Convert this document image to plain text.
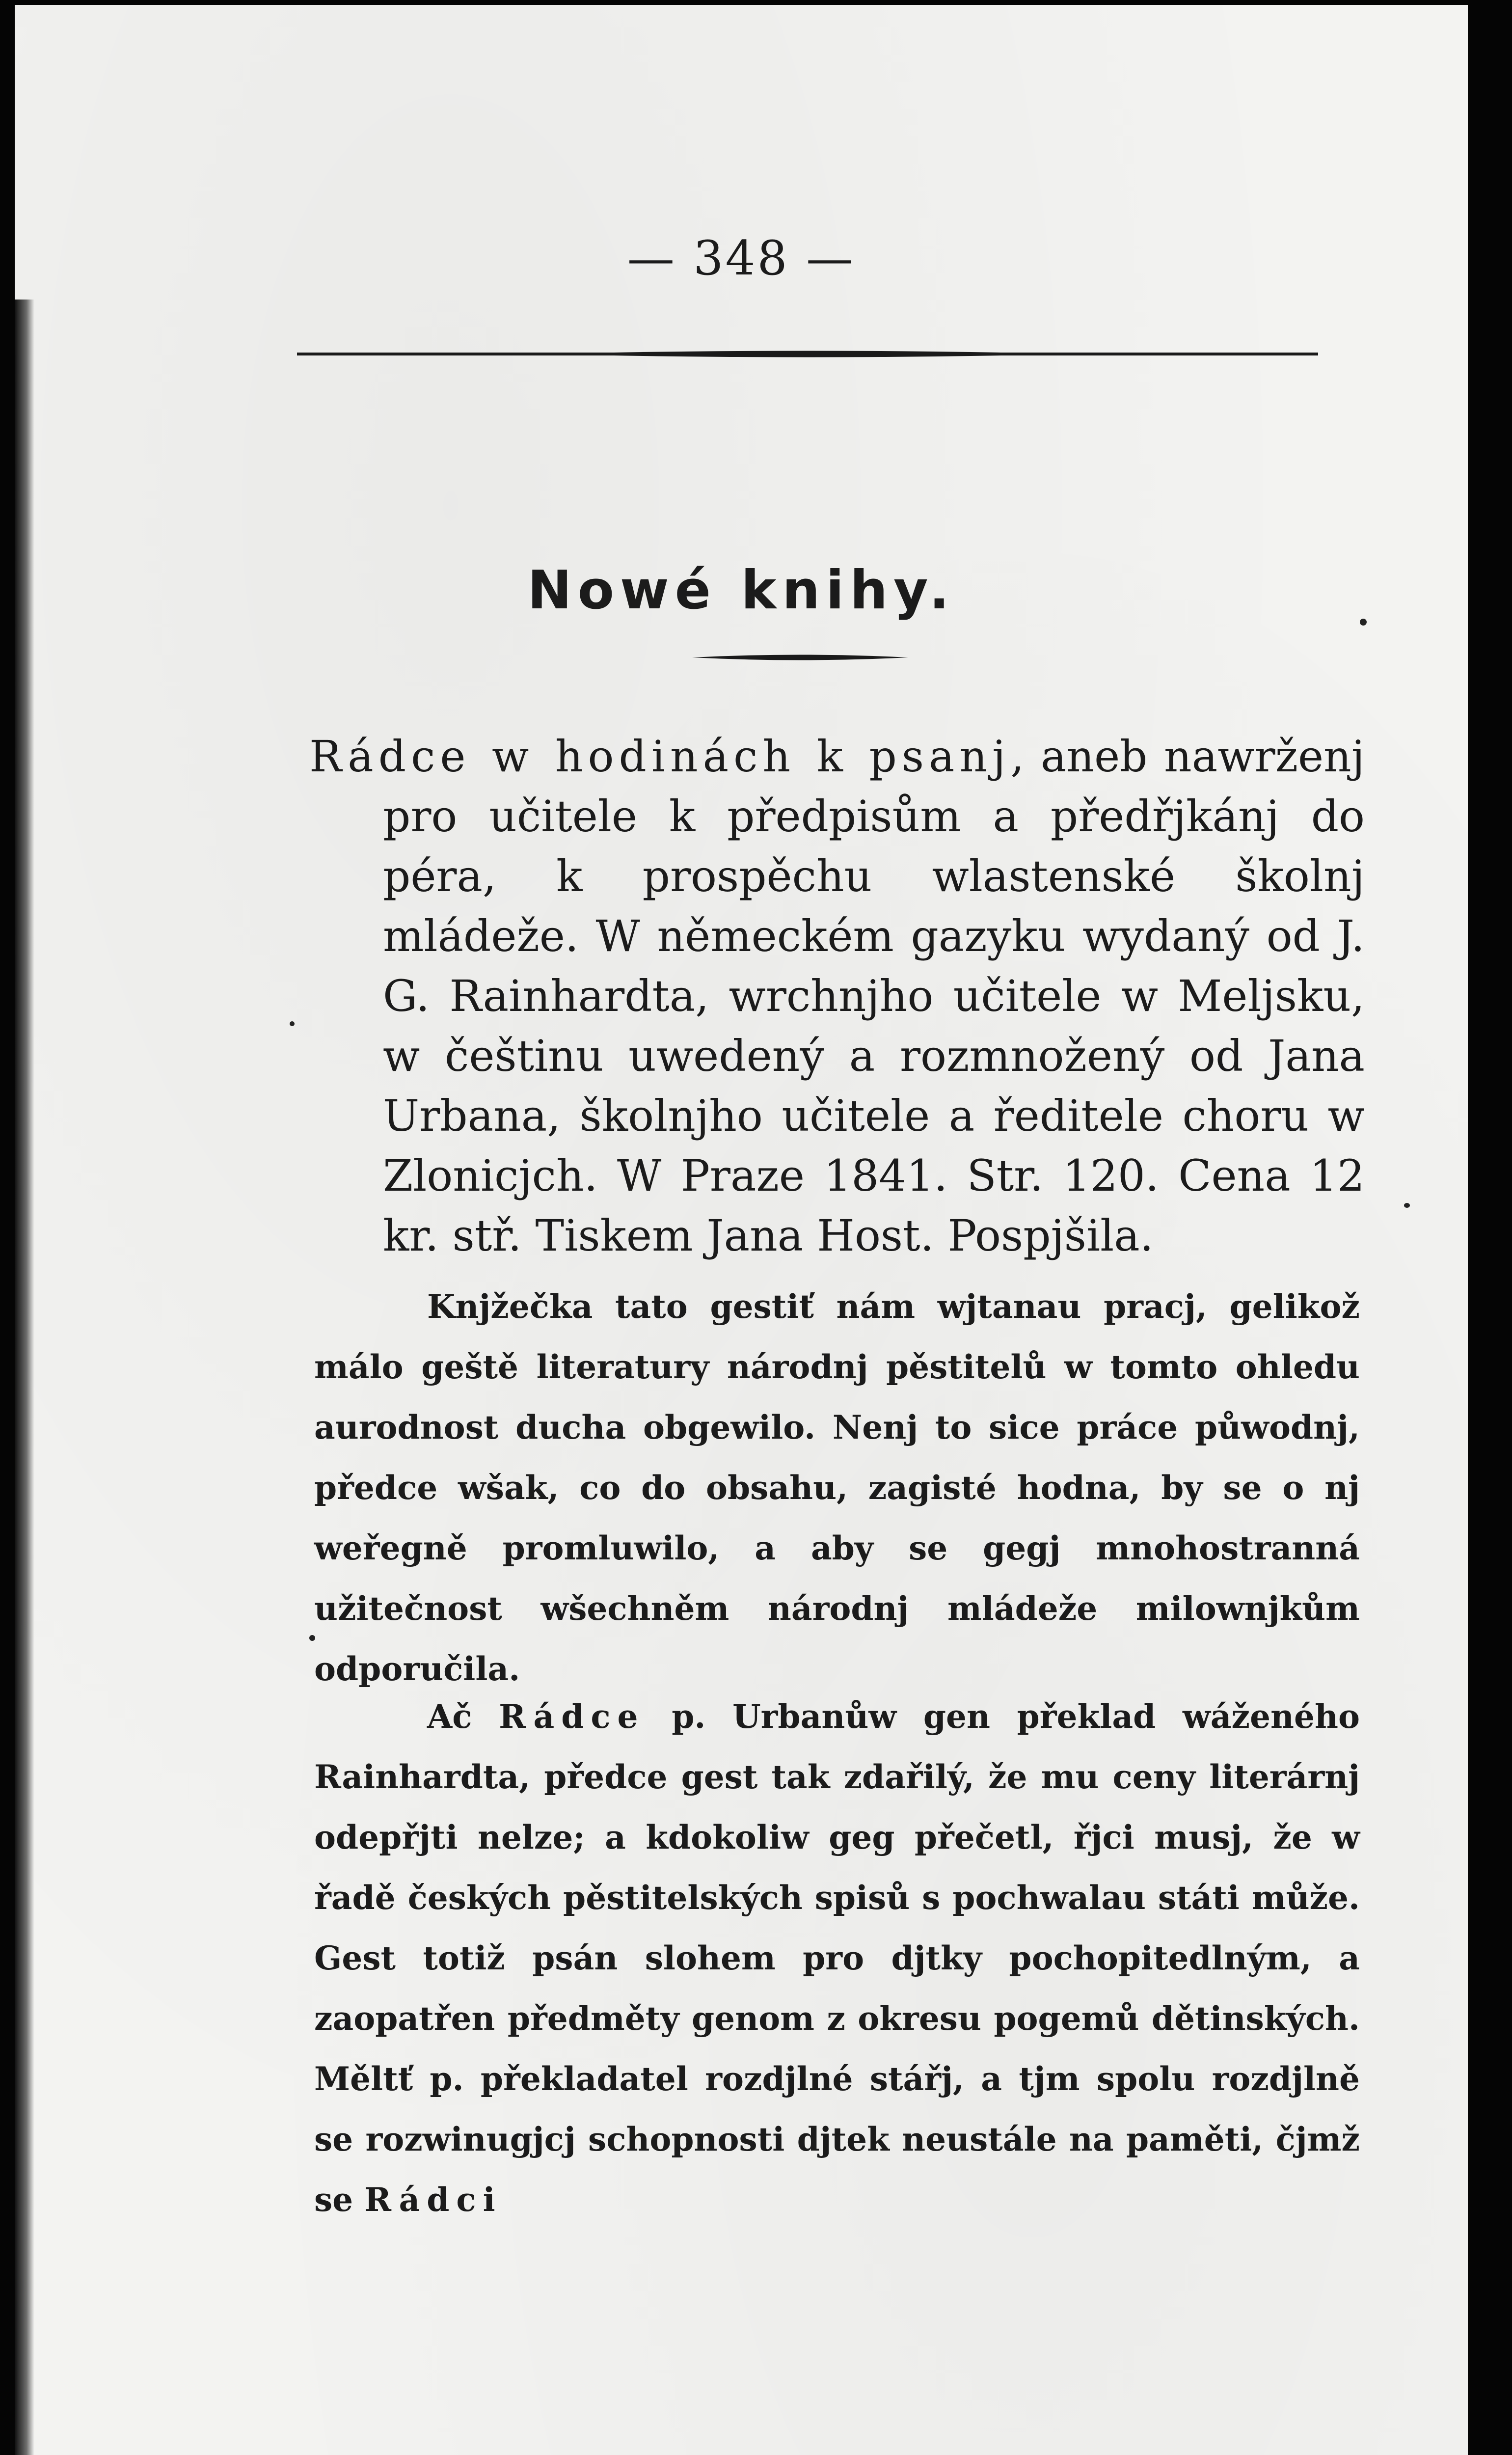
— 348 —
Nowé knihy.
Rádce w hodinách k psanj, aneb nawrženj pro učitele k předpisům a předřjkánj do péra, k prospěchu wlastenské školnj mládeže. W německém gazyku wydaný od J. G. Rainhardta, wrchnjho učitele w Meljsku, w češtinu uwedený a rozmnožený od Jana Urbana, školnjho učitele a ředitele choru w Zlonicjch. W Praze 1841. Str. 120. Cena 12 kr. stř. Tiskem Jana Host. Pospjšila.

Knjžečka tato gestiť nám wjtanau pracj, gelikož málo geště literatury národnj pěstitelů w tomto ohledu aurodnost ducha obgewilo. Nenj to sice práce půwodnj, předce wšak, co do obsahu, zagisté hodna, by se o nj weřegně promluwilo, a aby se gegj mnohostranná užitečnost wšechněm národnj mládeže milownjkům odporučila.

Ač Rádce p. Urbanůw gen překlad wáženého Rainhardta, předce gest tak zdařilý, že mu ceny literárnj odepřjti nelze; a kdokoliw geg přečetl, řjci musj, že w řadě českých pěstitelských spisů s pochwalau státi může. Gest totiž psán slohem pro djtky pochopitedlným, a zaopatřen předměty genom z okresu pogemů dětinských. Měltť p. překladatel rozdjlné stářj, a tjm spolu rozdjlně se rozwinugjcj schopnosti djtek neustále na paměti, čjmž se Rádci
